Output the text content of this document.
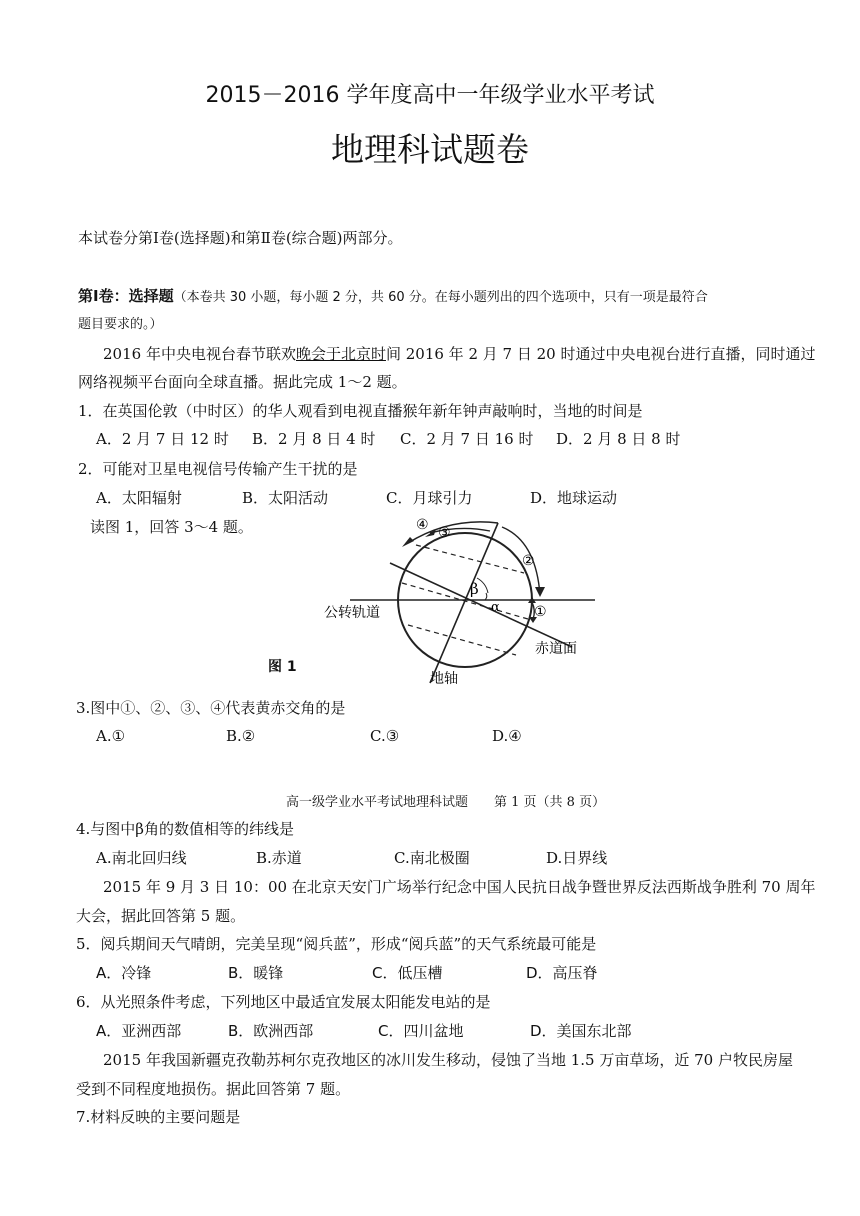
2015－2016 学年度高中一年级学业水平考试
地理科试题卷
本试卷分第Ⅰ卷(选择题)和第Ⅱ卷(综合题)两部分。
第Ⅰ卷：选择题（本卷共 30 小题，每小题 2 分，共 60 分。在每小题列出的四个选项中，只有一项是最符合
题目要求的。）
2016 年中央电视台春节联欢晚会于北京时间 2016 年 2 月 7 日 20 时通过中央电视台进行直播，同时通过
网络视频平台面向全球直播。据此完成 1～2 题。
1．在英国伦敦（中时区）的华人观看到电视直播猴年新年钟声敲响时，当地的时间是
A．2 月 7 日 12 时 B．2 月 8 日 4 时 C．2 月 7 日 16 时 D．2 月 8 日 8 时
2．可能对卫星电视信号传输产生干扰的是
A．太阳辐射	B．太阳活动	C．月球引力	D．地球运动
读图 1，回答 3～4 题。	④ ③
②
①
β
α
公转轨道
赤道面
地轴
图 1
3.图中①、②、③、④代表黄赤交角的是
A.①	B.②	C.③	D.④
高一级学业水平考试地理科试题 第 1 页（共 8 页）
4.与图中β角的数值相等的纬线是
A.南北回归线	B.赤道	C.南北极圈	D.日界线
2015 年 9 月 3 日 10：00 在北京天安门广场举行纪念中国人民抗日战争暨世界反法西斯战争胜利 70 周年
大会，据此回答第 5 题。
5．阅兵期间天气晴朗，完美呈现“阅兵蓝”，形成“阅兵蓝”的天气系统最可能是
A．冷锋	B．暖锋	C．低压槽	D．高压脊
6．从光照条件考虑，下列地区中最适宜发展太阳能发电站的是
A．亚洲西部	B．欧洲西部	C．四川盆地	D．美国东北部
2015 年我国新疆克孜勒苏柯尔克孜地区的冰川发生移动，侵蚀了当地 1.5 万亩草场，近 70 户牧民房屋
受到不同程度地损伤。据此回答第 7 题。
7.材料反映的主要问题是
